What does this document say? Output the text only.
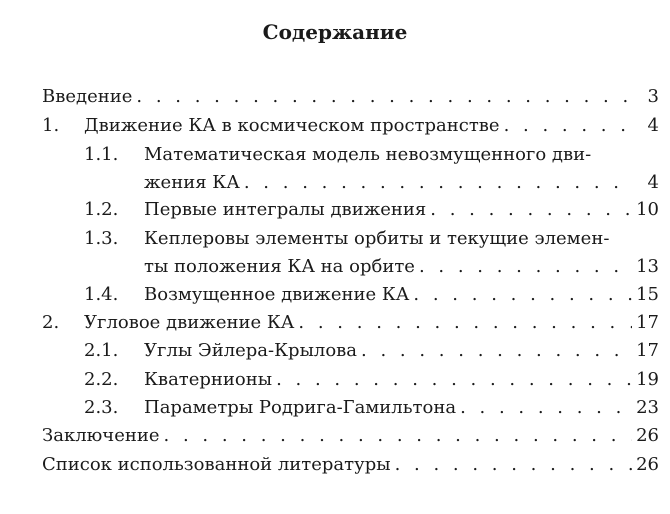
Содержание
Введение . . .	3
1.	Движение КА в космическом пространстве . . .	4
1.1. Математическая модель невозмущенного дви-
жения КА . . .	4
1.2.	Первые интегралы движения . . .	10
1.3. Кеплеровы элементы орбиты и текущие элемен-
ты положения КА на орбите . . .	13
1.4.	Возмущенное движение КА . . .	15
2.	Угловое движение КА . . .	17
2.1.	Углы Эйлера-Крылова . . .	17
2.2.	Кватернионы . . .	19
2.3.	Параметры Родрига-Гамильтона . . .	23
Заключение . . .	26
Список использованной литературы . . .	26
